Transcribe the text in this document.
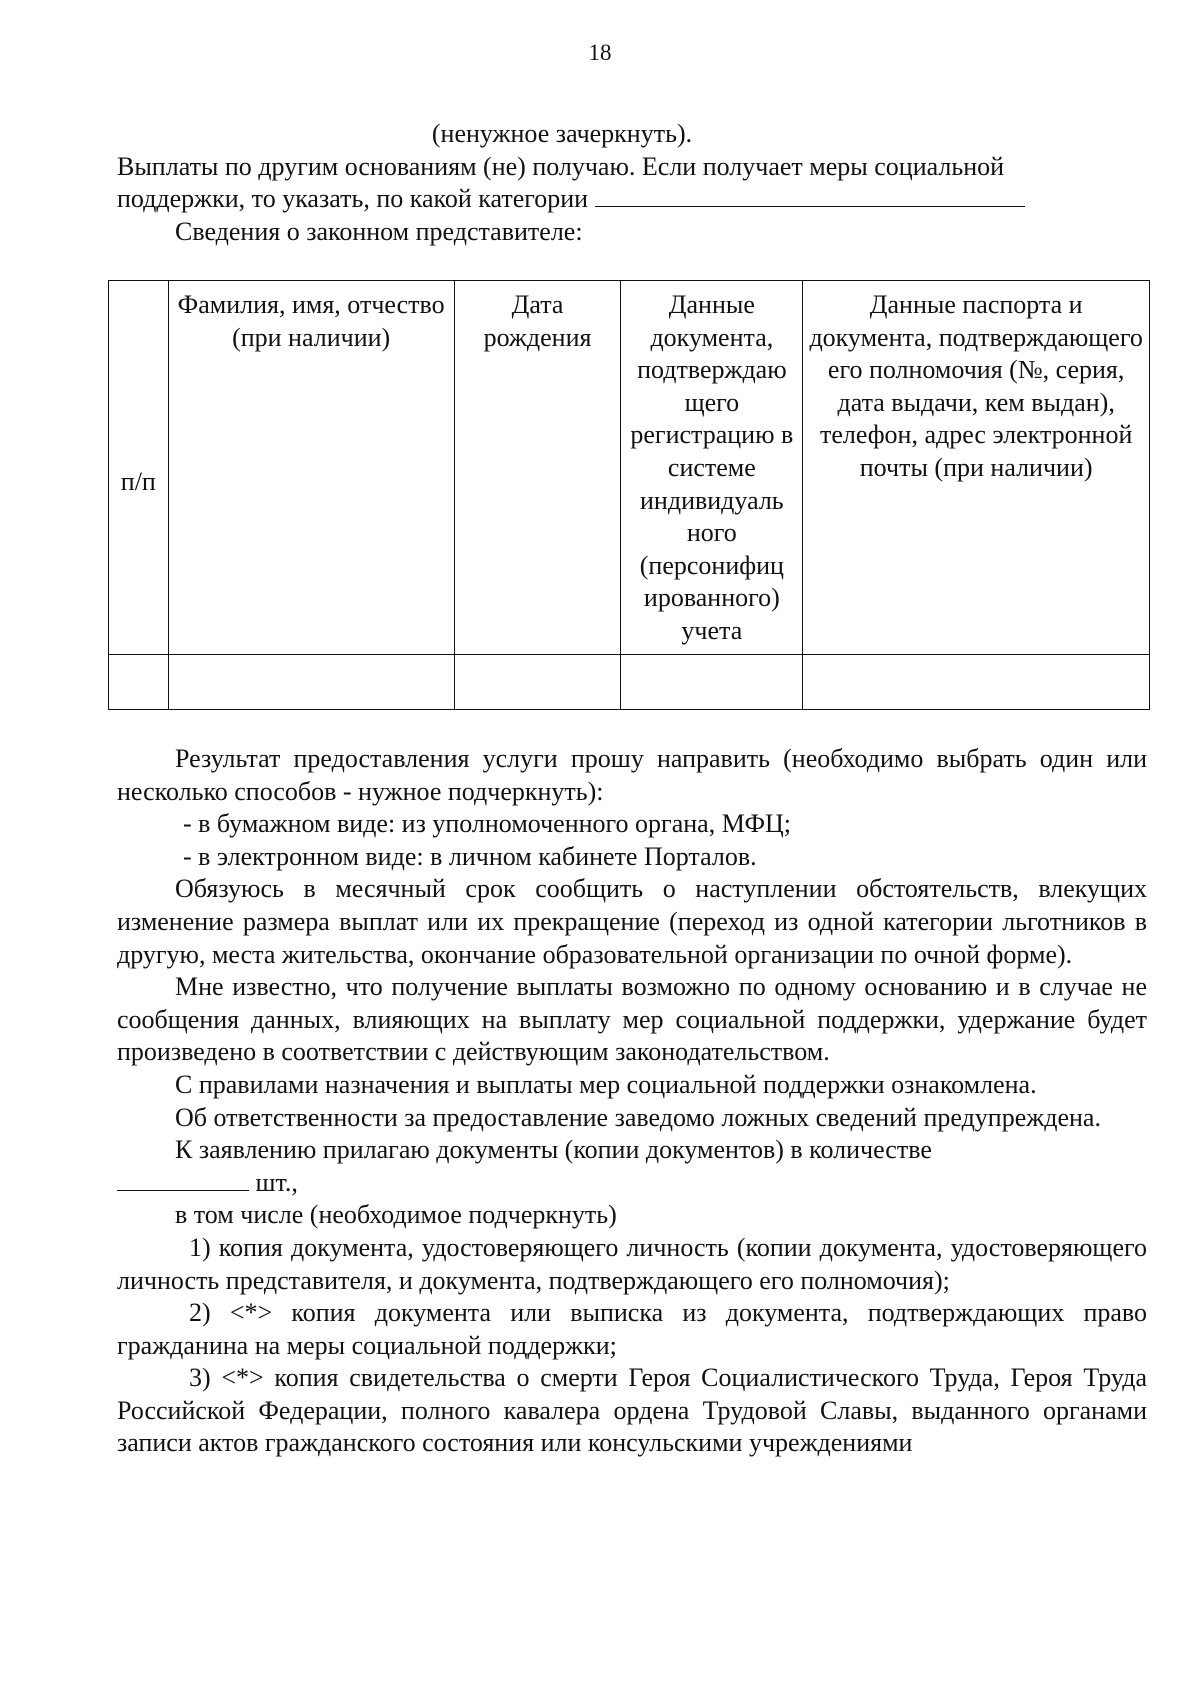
18

(ненужное зачеркнуть).

Выплаты по другим основаниям (не) получаю. Если получает меры социальной

поддержки, то указать, по какой категории

Сведения о законном представителе:

п/п	Фамилия, имя, отчество (при наличии)	Дата рождения	Данные документа, подтверждаю щего регистрацию в системе индивидуаль ного (персонифиц ированного) учета	Данные паспорта и документа, подтверждающего его полномочия (№, серия, дата выдачи, кем выдан), телефон, адрес электронной почты (при наличии)

Результат предоставления услуги прошу направить (необходимо выбрать один или несколько способов - нужное подчеркнуть):

- в бумажном виде: из уполномоченного органа, МФЦ;

- в электронном виде: в личном кабинете Порталов.

Обязуюсь в месячный срок сообщить о наступлении обстоятельств, влекущих изменение размера выплат или их прекращение (переход из одной категории льготников в другую, места жительства, окончание образовательной организации по очной форме).

Мне известно, что получение выплаты возможно по одному основанию и в случае не сообщения данных, влияющих на выплату мер социальной поддержки, удержание будет произведено в соответствии с действующим законодательством.

С правилами назначения и выплаты мер социальной поддержки ознакомлена.

Об ответственности за предоставление заведомо ложных сведений предупреждена.

К заявлению прилагаю документы (копии документов) в количестве

шт.,

в том числе (необходимое подчеркнуть)

1) копия документа, удостоверяющего личность (копии документа, удостоверяющего личность представителя, и документа, подтверждающего его полномочия);

2) <*> копия документа или выписка из документа, подтверждающих право гражданина на меры социальной поддержки;

3) <*> копия свидетельства о смерти Героя Социалистического Труда, Героя Труда Российской Федерации, полного кавалера ордена Трудовой Славы, выданного органами записи актов гражданского состояния или консульскими учреждениями
